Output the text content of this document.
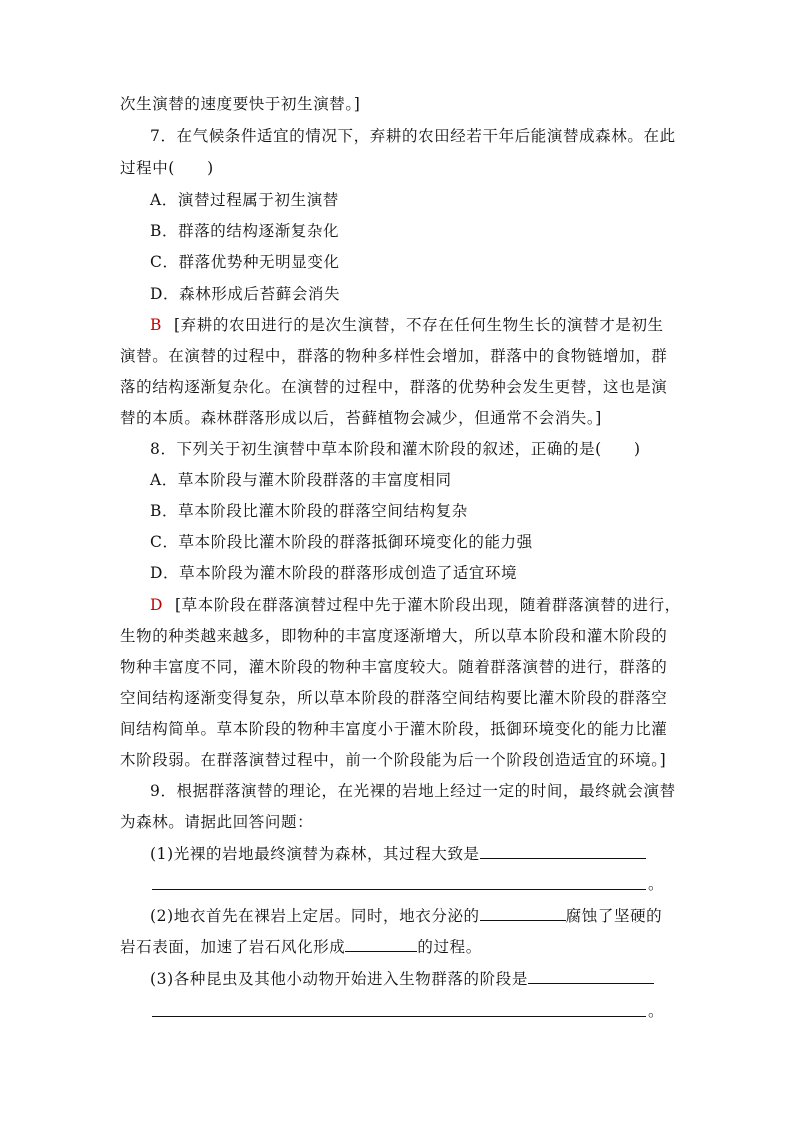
次生演替的速度要快于初生演替。]
7．在气候条件适宜的情况下，弃耕的农田经若干年后能演替成森林。在此
过程中(　　)
A．演替过程属于初生演替
B．群落的结构逐渐复杂化
C．群落优势种无明显变化
D．森林形成后苔藓会消失
B [弃耕的农田进行的是次生演替，不存在任何生物生长的演替才是初生
演替。在演替的过程中，群落的物种多样性会增加，群落中的食物链增加，群
落的结构逐渐复杂化。在演替的过程中，群落的优势种会发生更替，这也是演
替的本质。森林群落形成以后，苔藓植物会减少，但通常不会消失。]
8．下列关于初生演替中草本阶段和灌木阶段的叙述，正确的是(　　)
A．草本阶段与灌木阶段群落的丰富度相同
B．草本阶段比灌木阶段的群落空间结构复杂
C．草本阶段比灌木阶段的群落抵御环境变化的能力强
D．草本阶段为灌木阶段的群落形成创造了适宜环境
D [草本阶段在群落演替过程中先于灌木阶段出现，随着群落演替的进行，
生物的种类越来越多，即物种的丰富度逐渐增大，所以草本阶段和灌木阶段的
物种丰富度不同，灌木阶段的物种丰富度较大。随着群落演替的进行，群落的
空间结构逐渐变得复杂，所以草本阶段的群落空间结构要比灌木阶段的群落空
间结构简单。草本阶段的物种丰富度小于灌木阶段，抵御环境变化的能力比灌
木阶段弱。在群落演替过程中，前一个阶段能为后一个阶段创造适宜的环境。]
9．根据群落演替的理论，在光裸的岩地上经过一定的时间，最终就会演替
为森林。请据此回答问题：
(1)光裸的岩地最终演替为森林，其过程大致是
。
(2)地衣首先在裸岩上定居。同时，地衣分泌的	腐蚀了坚硬的
岩石表面，加速了岩石风化形成	的过程。
(3)各种昆虫及其他小动物开始进入生物群落的阶段是
。
